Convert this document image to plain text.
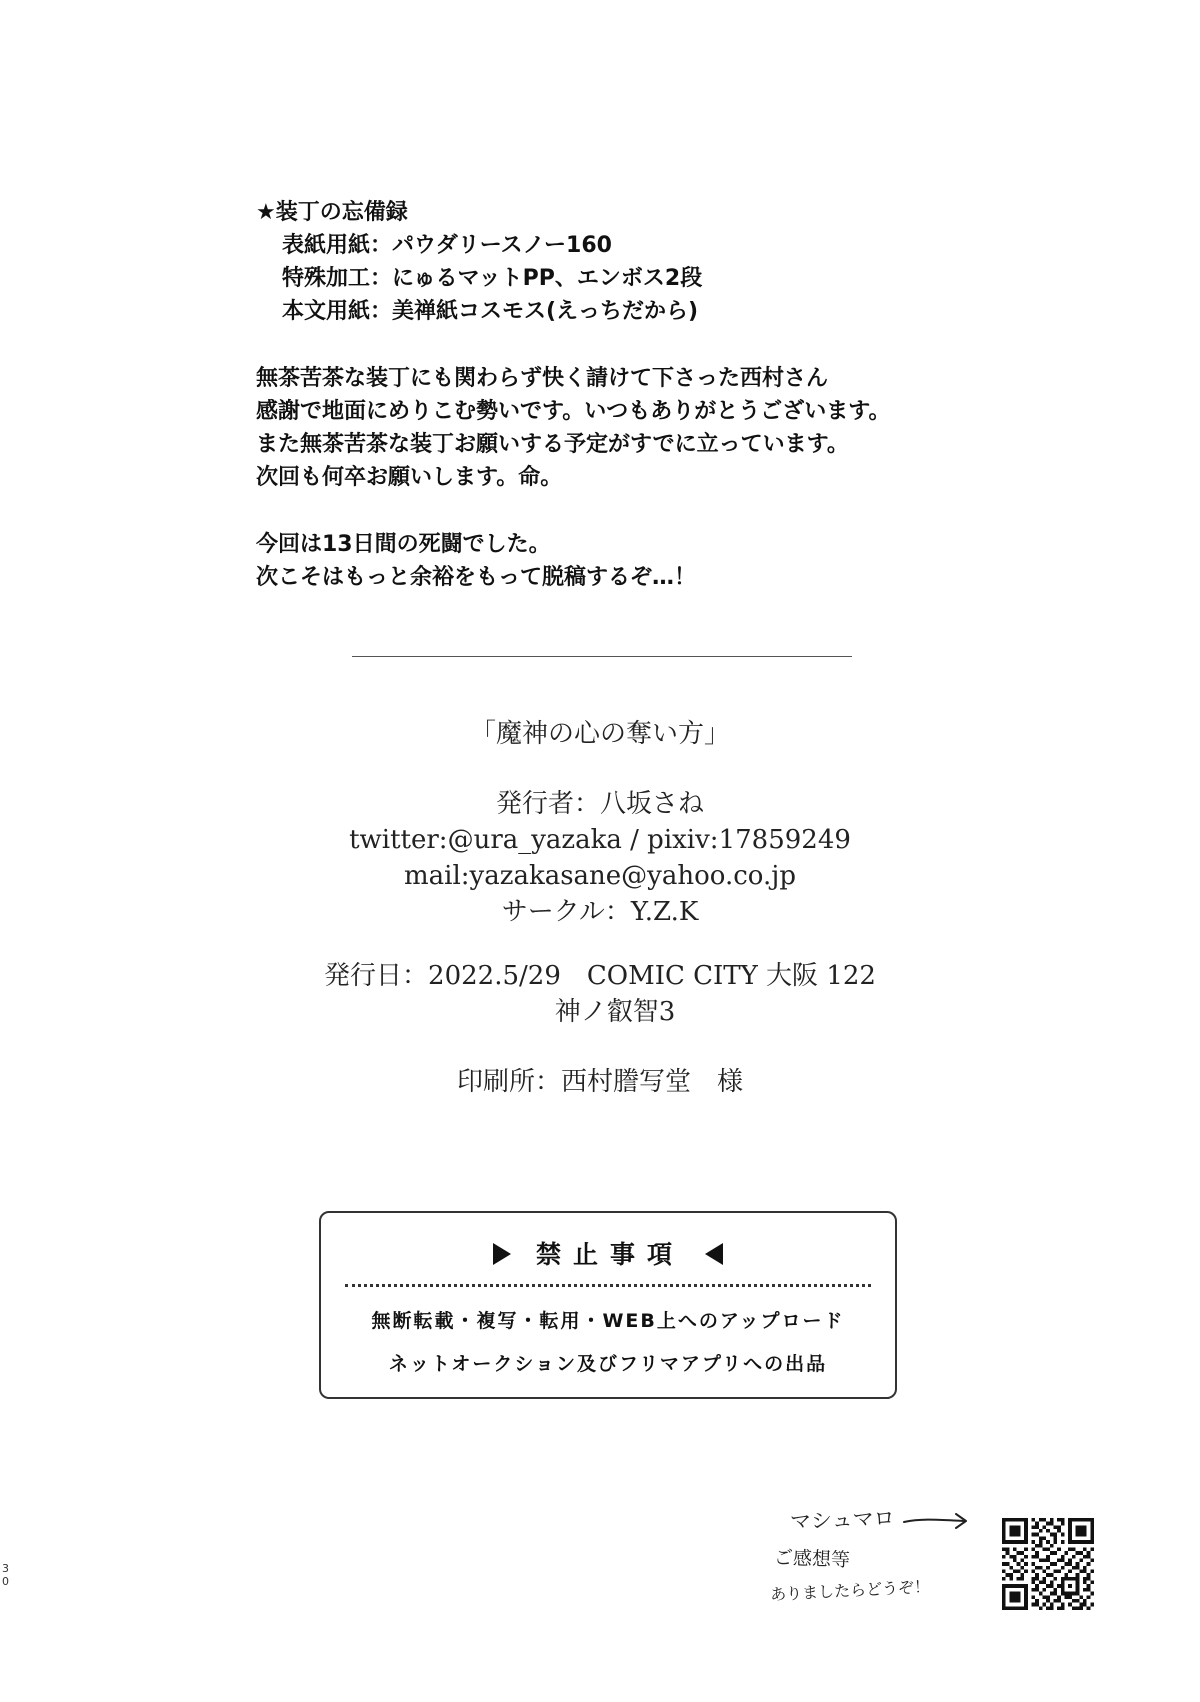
★装丁の忘備録
表紙用紙：パウダリースノー160
特殊加工：にゅるマットPP、エンボス2段
本文用紙：美禅紙コスモス(えっちだから)
無茶苦茶な装丁にも関わらず快く請けて下さった西村さん
感謝で地面にめりこむ勢いです。いつもありがとうございます。
また無茶苦茶な装丁お願いする予定がすでに立っています。
次回も何卒お願いします。命。
今回は13日間の死闘でした。
次こそはもっと余裕をもって脱稿するぞ…！
「魔神の心の奪い方」
発行者：八坂さね
twitter:@ura_yazaka / pixiv:17859249
mail:yazakasane@yahoo.co.jp
サークル：Y.Z.K
発行日：2022.5/29　COMIC CITY 大阪 122
神ノ叡智3
印刷所：西村謄写堂　様
禁止事項
無断転載・複写・転用・WEB上へのアップロード
ネットオークション及びフリマアプリへの出品
30
マシュマロ
ご感想等
ありましたらどうぞ！
